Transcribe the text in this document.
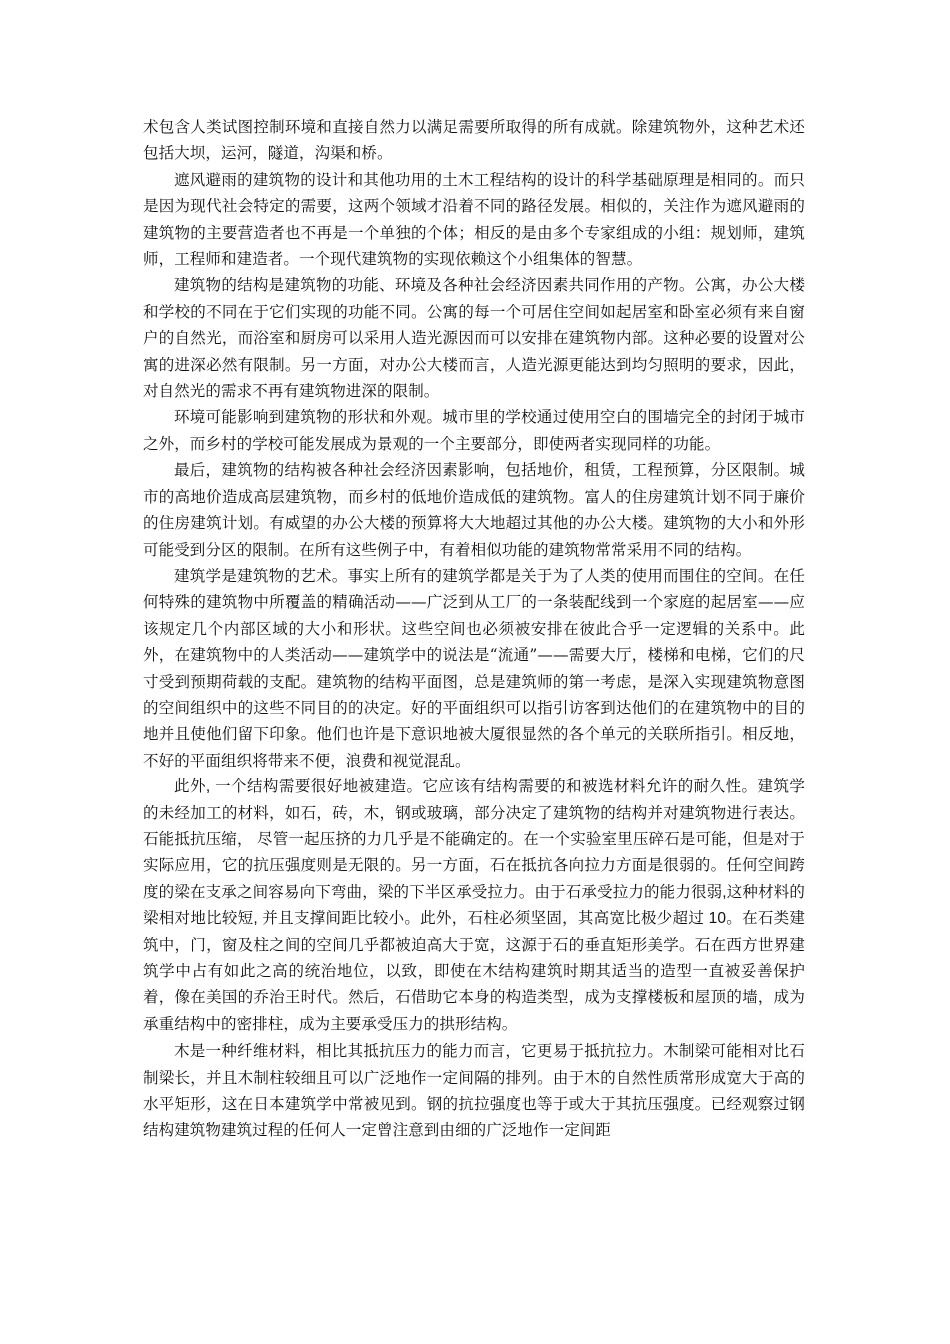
术包含人类试图控制环境和直接自然力以满足需要所取得的所有成就。除建筑物外，这种艺术还包括大坝，运河，隧道，沟渠和桥。

遮风避雨的建筑物的设计和其他功用的土木工程结构的设计的科学基础原理是相同的。而只是因为现代社会特定的需要，这两个领域才沿着不同的路径发展。相似的，关注作为遮风避雨的建筑物的主要营造者也不再是一个单独的个体；相反的是由多个专家组成的小组：规划师，建筑师，工程师和建造者。一个现代建筑物的实现依赖这个小组集体的智慧。

建筑物的结构是建筑物的功能、环境及各种社会经济因素共同作用的产物。公寓，办公大楼和学校的不同在于它们实现的功能不同。公寓的每一个可居住空间如起居室和卧室必须有来自窗户的自然光，而浴室和厨房可以采用人造光源因而可以安排在建筑物内部。这种必要的设置对公寓的进深必然有限制。另一方面，对办公大楼而言，人造光源更能达到均匀照明的要求，因此，对自然光的需求不再有建筑物进深的限制。

环境可能影响到建筑物的形状和外观。城市里的学校通过使用空白的围墙完全的封闭于城市之外，而乡村的学校可能发展成为景观的一个主要部分，即使两者实现同样的功能。

最后，建筑物的结构被各种社会经济因素影响，包括地价，租赁，工程预算，分区限制。城市的高地价造成高层建筑物，而乡村的低地价造成低的建筑物。富人的住房建筑计划不同于廉价的住房建筑计划。有威望的办公大楼的预算将大大地超过其他的办公大楼。建筑物的大小和外形可能受到分区的限制。在所有这些例子中，有着相似功能的建筑物常常采用不同的结构。

建筑学是建筑物的艺术。事实上所有的建筑学都是关于为了人类的使用而围住的空间。在任何特殊的建筑物中所覆盖的精确活动——广泛到从工厂的一条装配线到一个家庭的起居室——应该规定几个内部区域的大小和形状。这些空间也必须被安排在彼此合乎一定逻辑的关系中。此外，在建筑物中的人类活动——建筑学中的说法是“流通”——需要大厅，楼梯和电梯，它们的尺寸受到预期荷载的支配。建筑物的结构平面图，总是建筑师的第一考虑，是深入实现建筑物意图的空间组织中的这些不同目的的决定。好的平面组织可以指引访客到达他们的在建筑物中的目的地并且使他们留下印象。他们也许是下意识地被大厦很显然的各个单元的关联所指引。相反地，不好的平面组织将带来不便，浪费和视觉混乱。

此外, 一个结构需要很好地被建造。它应该有结构需要的和被选材料允许的耐久性。建筑学的未经加工的材料，如石，砖，木，钢或玻璃，部分决定了建筑物的结构并对建筑物进行表达。 石能抵抗压缩， 尽管一起压挤的力几乎是不能确定的。在一个实验室里压碎石是可能，但是对于实际应用，它的抗压强度则是无限的。另一方面，石在抵抗各向拉力方面是很弱的。任何空间跨度的梁在支承之间容易向下弯曲，梁的下半区承受拉力。由于石承受拉力的能力很弱,这种材料的梁相对地比较短, 并且支撑间距比较小。此外，石柱必须坚固，其高宽比极少超过 10。在石类建筑中，门，窗及柱之间的空间几乎都被迫高大于宽，这源于石的垂直矩形美学。石在西方世界建筑学中占有如此之高的统治地位，以致，即使在木结构建筑时期其适当的造型一直被妥善保护着，像在美国的乔治王时代。然后，石借助它本身的构造类型，成为支撑楼板和屋顶的墙，成为承重结构中的密排柱，成为主要承受压力的拱形结构。

木是一种纤维材料，相比其抵抗压力的能力而言，它更易于抵抗拉力。木制梁可能相对比石制梁长，并且木制柱较细且可以广泛地作一定间隔的排列。由于木的自然性质常形成宽大于高的水平矩形，这在日本建筑学中常被见到。钢的抗拉强度也等于或大于其抗压强度。已经观察过钢结构建筑物建筑过程的任何人一定曾注意到由细的广泛地作一定间距
